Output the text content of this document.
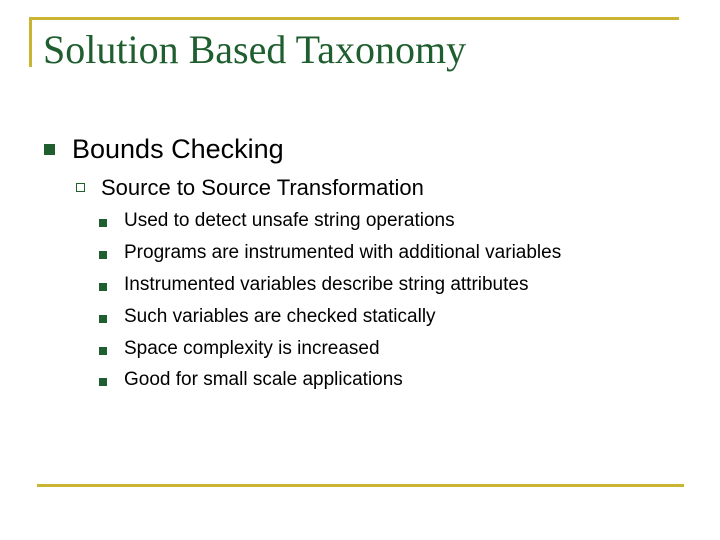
Solution Based Taxonomy
Bounds Checking
Source to Source Transformation
Used to detect unsafe string operations
Programs are instrumented with additional variables
Instrumented variables describe string attributes
Such variables are checked statically
Space complexity is increased
Good for small scale applications
